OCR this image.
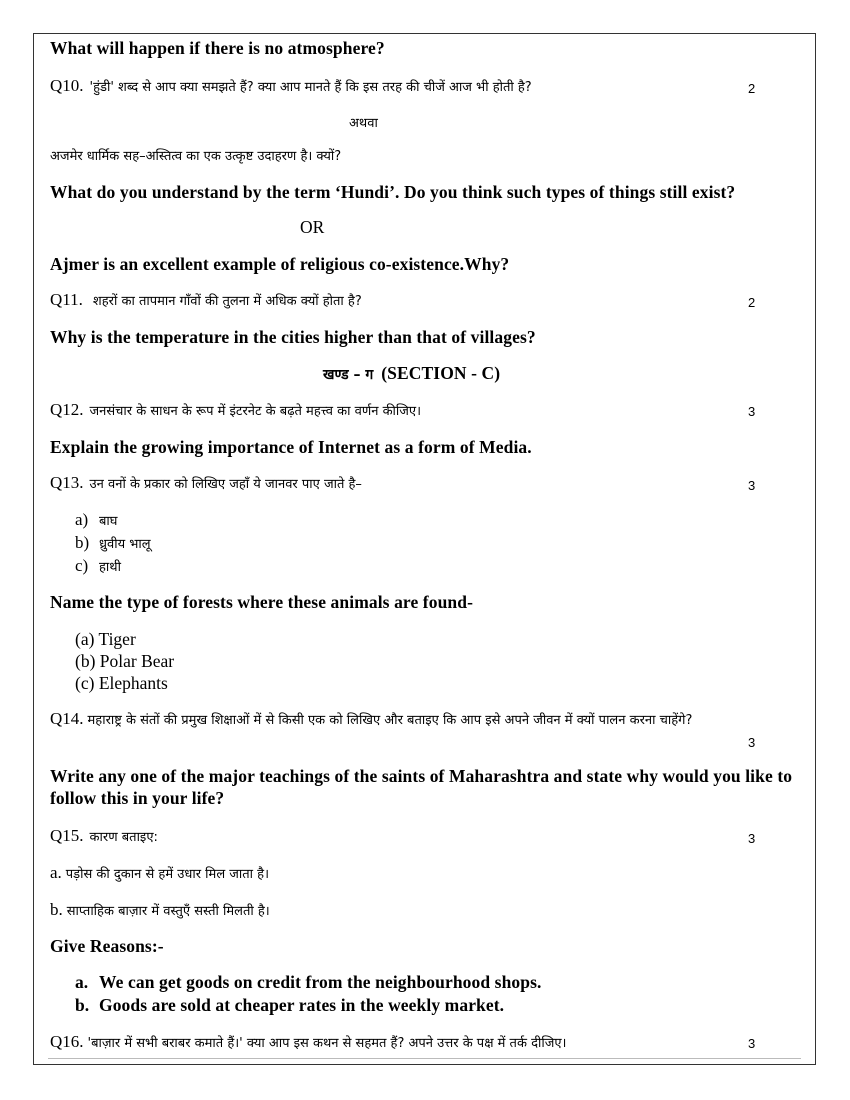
What will happen if there is no atmosphere?
Q10. 'हुंडी' शब्द से आप क्या समझते हैं? क्या आप मानते हैं कि इस तरह की चीजें आज भी होती है?	2
अथवा
अजमेर धार्मिक सह–अस्तित्व का एक उत्कृष्ट उदाहरण है। क्यों?
What do you understand by the term ‘Hundi’. Do you think such types of things still exist?
OR
Ajmer is an excellent example of religious co-existence.Why?
Q11. शहरों का तापमान गाँवों की तुलना में अधिक क्यों होता है?	2
Why is the temperature in the cities higher than that of villages?
खण्ड – ग (SECTION - C)
Q12. जनसंचार के साधन के रूप में इंटरनेट के बढ़ते महत्त्व का वर्णन कीजिए।	3
Explain the growing importance of Internet as a form of Media.
Q13. उन वनों के प्रकार को लिखिए जहाँ ये जानवर पाए जाते है–	3
a) बाघ
b) ध्रुवीय भालू
c) हाथी
Name the type of forests where these animals are found-
(a) Tiger
(b) Polar Bear
(c) Elephants
Q14. महाराष्ट्र के संतों की प्रमुख शिक्षाओं में से किसी एक को लिखिए और बताइए कि आप इसे अपने जीवन में क्यों पालन करना चाहेंगे?
3
Write any one of the major teachings of the saints of Maharashtra and state why would you like to follow this in your life?
Q15. कारण बताइए:	3
a. पड़ोस की दुकान से हमें उधार मिल जाता है।
b. साप्ताहिक बाज़ार में वस्तुएँ सस्ती मिलती है।
Give Reasons:-
a. We can get goods on credit from the neighbourhood shops.
b. Goods are sold at cheaper rates in the weekly market.
Q16. 'बाज़ार में सभी बराबर कमाते हैं।' क्या आप इस कथन से सहमत हैं? अपने उत्तर के पक्ष में तर्क दीजिए।	3
